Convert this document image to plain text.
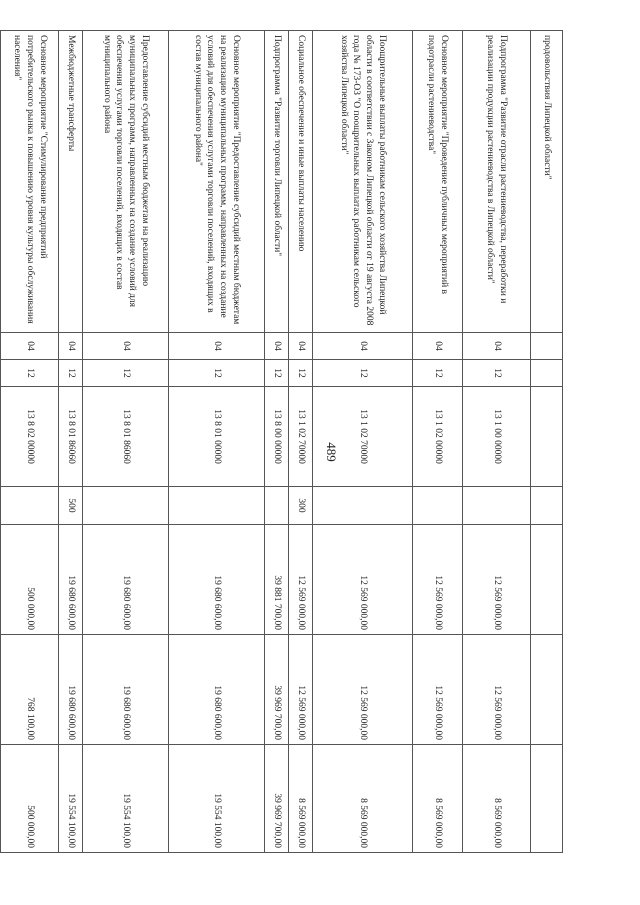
489
продовольствия Липецкой области"							
Подпрограмма "Развитие отрасли растениеводства, переработки и реализации продукции растениеводства в Липецкой области"	04	12	13 1 00 00000		12 569 000,00	12 569 000,00	8 569 000,00
Основное мероприятие "Проведение публичных мероприятий в подотрасли растениеводства"	04	12	13 1 02 00000		12 569 000,00	12 569 000,00	8 569 000,00
Поощрительные выплаты работникам сельского хозяйства Липецкой области в соответствии с Законом Липецкой области от 19 августа 2008 года № 173-ОЗ "О поощрительных выплатах работникам сельского хозяйства Липецкой области"	04	12	13 1 02 70000		12 569 000,00	12 569 000,00	8 569 000,00
Социальное обеспечение и иные выплаты населению	04	12	13 1 02 70000	300	12 569 000,00	12 569 000,00	8 569 000,00
Подпрограмма "Развитие торговли Липецкой области"	04	12	13 8 00 00000		39 881 700,00	39 969 700,00	39 969 700,00
Основное мероприятие "Предоставление субсидий местным бюджетам на реализацию муниципальных программ, направленных на создание условий для обеспечения услугами торговли поселений, входящих в состав муниципального района"	04	12	13 8 01 00000		19 680 600,00	19 680 600,00	19 554 100,00
Предоставление субсидий местным бюджетам на реализацию муниципальных программ, направленных на создание условий для обеспечения услугами торговли поселений, входящих в состав муниципального района	04	12	13 8 01 86060		19 680 600,00	19 680 600,00	19 554 100,00
Межбюджетные трансферты	04	12	13 8 01 86060	500	19 680 600,00	19 680 600,00	19 554 100,00
Основное мероприятие "Стимулирование предприятий потребительского рынка к повышению уровня культуры обслуживания населения"	04	12	13 8 02 00000		500 000,00	768 100,00	500 000,00
